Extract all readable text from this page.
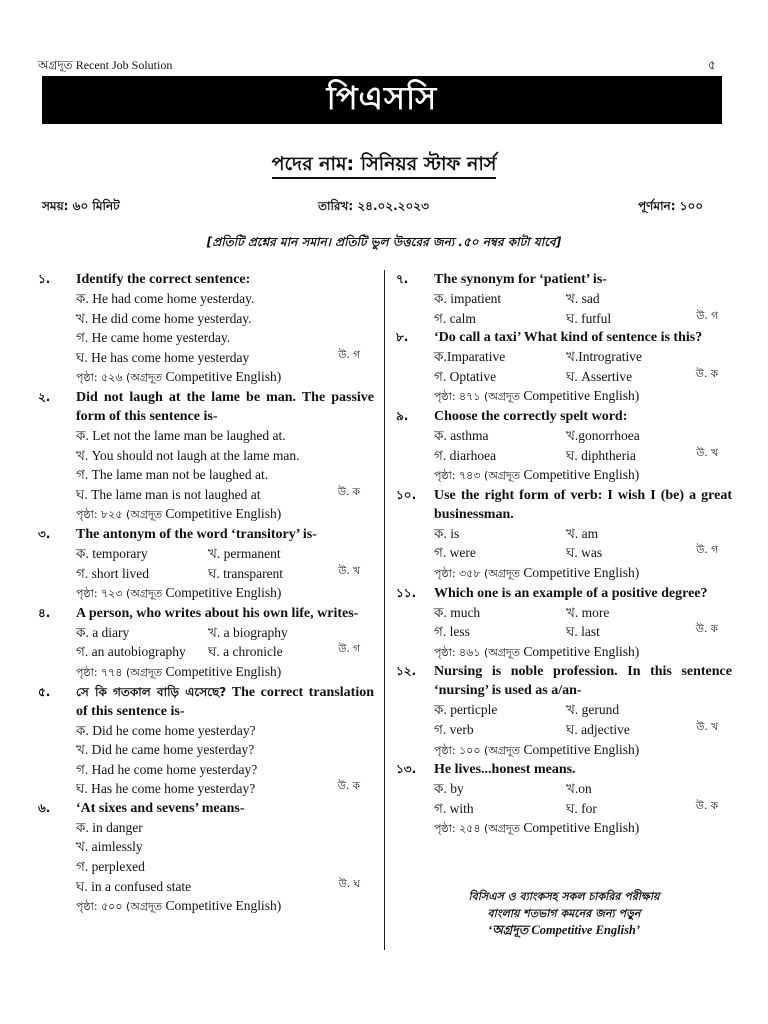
অগ্রদূত Recent Job Solution	৫
পিএসসি
পদের নাম: সিনিয়র স্টাফ নার্স
সময়: ৬০ মিনিট	তারিখ: ২৪.০২.২০২৩	পূর্ণমান: ১০০
[প্রতিটি প্রশ্নের মান সমান। প্রতিটি ভুল উত্তরের জন্য .৫০ নম্বর কাটা যাবে]
১.	Identify the correct sentence:
ক. He had come home yesterday.
খ. He did come home yesterday.
গ. He came home yesterday.
ঘ. He has come home yesterday	উ. গ
পৃষ্ঠা: ৫২৬ (অগ্রদূত Competitive English)
২.	Did not laugh at the lame be man. The passive form of this sentence is-
ক. Let not the lame man be laughed at.
খ. You should not laugh at the lame man.
গ. The lame man not be laughed at.
ঘ. The lame man is not laughed at	উ. ক
পৃষ্ঠা: ৮২৫ (অগ্রদূত Competitive English)
৩.	The antonym of the word ‘transitory’ is-
ক. temporary	খ. permanent
গ. short lived	ঘ. transparent	উ. খ
পৃষ্ঠা: ৭২৩ (অগ্রদূত Competitive English)
৪.	A person, who writes about his own life, writes-
ক. a diary	খ. a biography
গ. an autobiography	ঘ. a chronicle	উ. গ
পৃষ্ঠা: ৭৭৪ (অগ্রদূত Competitive English)
৫.	সে কি গতকাল বাড়ি এসেছে? The correct translation of this sentence is-
ক. Did he come home yesterday?
খ. Did he came home yesterday?
গ. Had he come home yesterday?
ঘ. Has he come home yesterday?	উ. ক
৬.	‘At sixes and sevens’ means-
ক. in danger
খ. aimlessly
গ. perplexed
ঘ. in a confused state	উ. ঘ
পৃষ্ঠা: ৫০০ (অগ্রদূত Competitive English)
৭.	The synonym for ‘patient’ is-
ক. impatient	খ. sad
গ. calm	ঘ. futful	উ. গ
৮.	‘Do call a taxi’ What kind of sentence is this?
ক.Imparative	খ.Introgrative
গ. Optative	ঘ. Assertive	উ. ক
পৃষ্ঠা: ৪৭১ (অগ্রদূত Competitive English)
৯.	Choose the correctly spelt word:
ক. asthma	খ.gonorrhoea
গ. diarhoea	ঘ. diphtheria	উ. খ
পৃষ্ঠা: ৭৪৩ (অগ্রদূত Competitive English)
১০.	Use the right form of verb: I wish I (be) a great businessman.
ক. is	খ. am
গ. were	ঘ. was	উ. গ
পৃষ্ঠা: ৩৫৮ (অগ্রদূত Competitive English)
১১.	Which one is an example of a positive degree?
ক. much	খ. more
গ. less	ঘ. last	উ. ক
পৃষ্ঠা: ৪৬১ (অগ্রদূত Competitive English)
১২.	Nursing is noble profession. In this sentence ‘nursing’ is used as a/an-
ক. perticple	খ. gerund
গ. verb	ঘ. adjective	উ. খ
পৃষ্ঠা: ১০০ (অগ্রদূত Competitive English)
১৩.	He lives...honest means.
ক. by	খ.on
গ. with	ঘ. for	উ. ক
পৃষ্ঠা: ২৫৪ (অগ্রদূত Competitive English)
বিসিএস ও ব্যাংকসহ সকল চাকরির পরীক্ষায়
বাংলায় শতভাগ কমনের জন্য পড়ুন
‘অগ্রদূত Competitive English’
